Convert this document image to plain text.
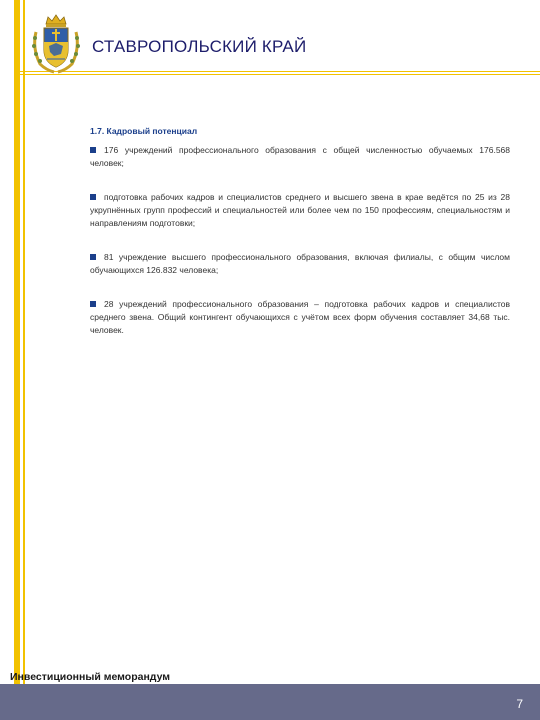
СТАВРОПОЛЬСКИЙ КРАЙ
1.7. Кадровый потенциал

176 учреждений профессионального образования с общей численностью обучаемых 176.568 человек;

подготовка рабочих кадров и специалистов среднего и высшего звена в крае ведётся по 25 из 28 укрупнённых групп профессий и специальностей или более чем по 150 профессиям, специальностям и направлениям подготовки;

81 учреждение высшего профессионального образования, включая филиалы, с общим числом обучающихся 126.832 человека;

28 учреждений профессионального образования – подготовка рабочих кадров и специалистов среднего звена. Общий контингент обучающихся с учётом всех форм обучения составляет 34,68 тыс. человек.

Инвестиционный меморандум
7
